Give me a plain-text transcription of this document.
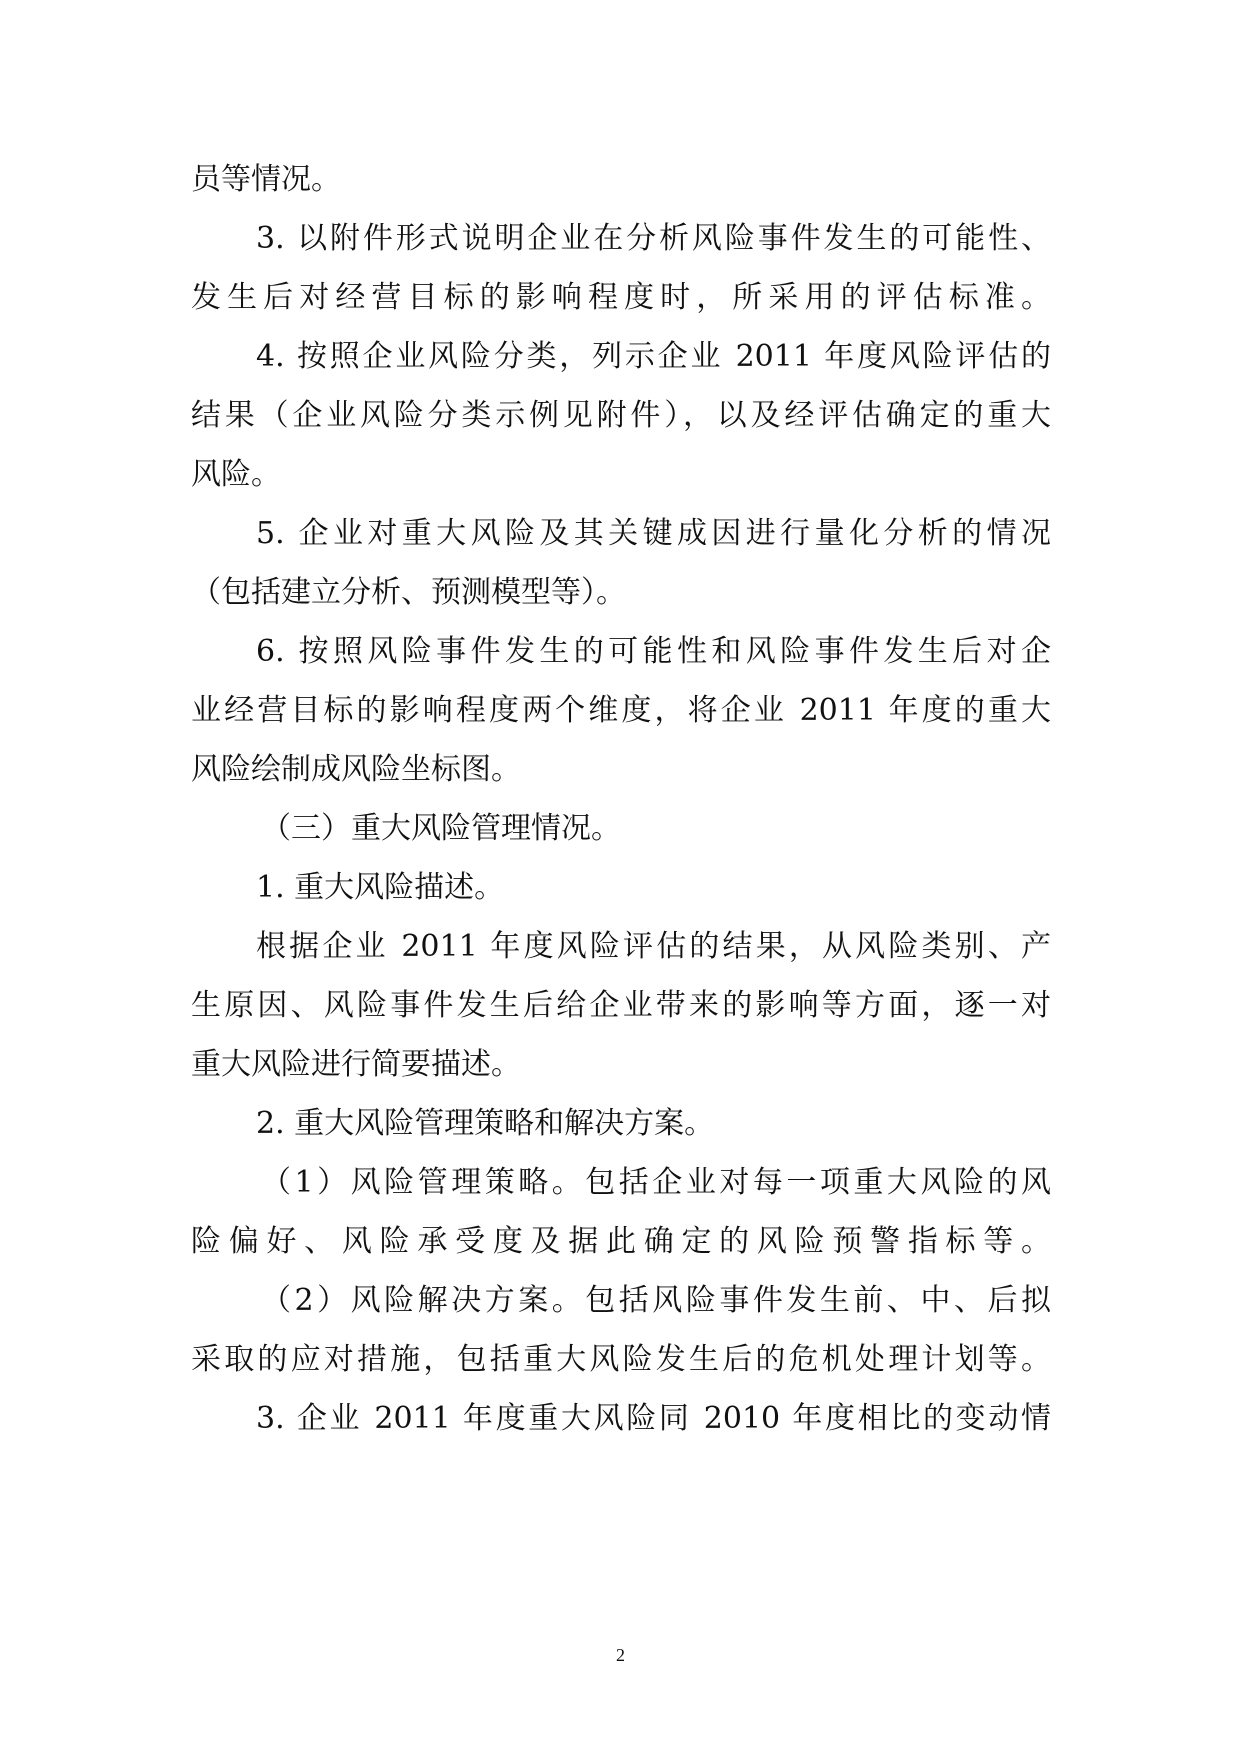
员等情况。
3. 以附件形式说明企业在分析风险事件发生的可能性、
发生后对经营目标的影响程度时，所采用的评估标准。
4. 按照企业风险分类，列示企业 2011 年度风险评估的
结果（企业风险分类示例见附件），以及经评估确定的重大
风险。
5. 企业对重大风险及其关键成因进行量化分析的情况
（包括建立分析、预测模型等）。
6. 按照风险事件发生的可能性和风险事件发生后对企
业经营目标的影响程度两个维度，将企业 2011 年度的重大
风险绘制成风险坐标图。
（三）重大风险管理情况。
1. 重大风险描述。
根据企业 2011 年度风险评估的结果，从风险类别、产
生原因、风险事件发生后给企业带来的影响等方面，逐一对
重大风险进行简要描述。
2. 重大风险管理策略和解决方案。
（1）风险管理策略。包括企业对每一项重大风险的风
险偏好、风险承受度及据此确定的风险预警指标等。
（2）风险解决方案。包括风险事件发生前、中、后拟
采取的应对措施，包括重大风险发生后的危机处理计划等。
3. 企业 2011 年度重大风险同 2010 年度相比的变动情
2
